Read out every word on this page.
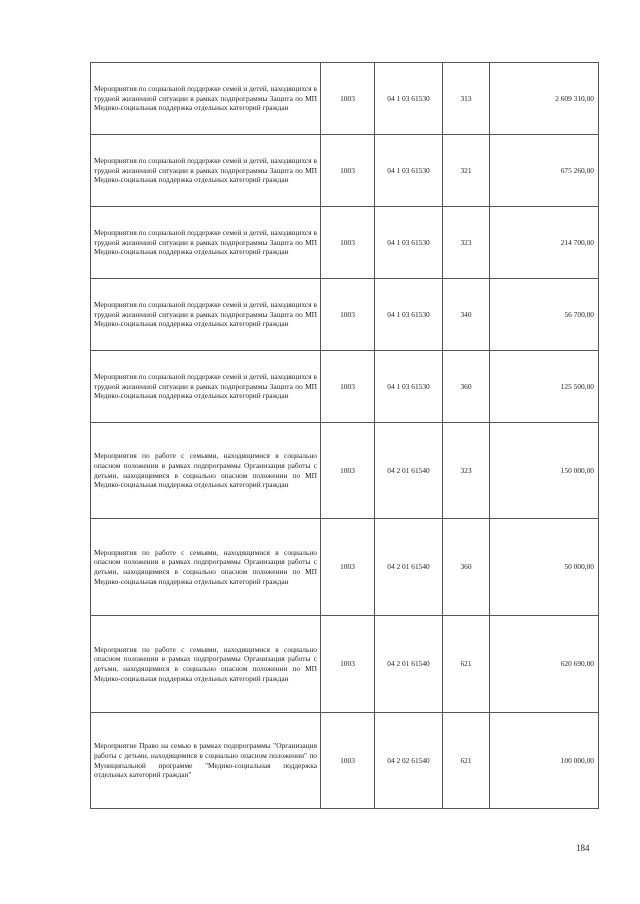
Мероприятия по социальной поддержке семей и детей, находящихся в трудной жизненной ситуации в рамках подпрограммы Защита по МП Медико-социальная поддержка отдельных категорий граждан	1003	04 1 03 61530	313	2 609 310,00
Мероприятия по социальной поддержке семей и детей, находящихся в трудной жизненной ситуации в рамках подпрограммы Защита по МП Медико-социальная поддержка отдельных категорий граждан	1003	04 1 03 61530	321	675 260,00
Мероприятия по социальной поддержке семей и детей, находящихся в трудной жизненной ситуации в рамках подпрограммы Защита по МП Медико-социальная поддержка отдельных категорий граждан	1003	04 1 03 61530	323	214 700,00
Мероприятия по социальной поддержке семей и детей, находящихся в трудной жизненной ситуации в рамках подпрограммы Защита по МП Медико-социальная поддержка отдельных категорий граждан	1003	04 1 03 61530	340	56 700,00
Мероприятия по социальной поддержке семей и детей, находящихся в трудной жизненной ситуации в рамках подпрограммы Защита по МП Медико-социальная поддержка отдельных категорий граждан	1003	04 1 03 61530	360	125 500,00
Мероприятия по работе с семьями, находящимися в социально опасном положении в рамках подпрограммы Организация работы с детьми, находящимися в социально опасном положении по МП Медико-социальная поддержка отдельных категорий граждан	1003	04 2 01 61540	323	150 000,00
Мероприятия по работе с семьями, находящимися в социально опасном положении в рамках подпрограммы Организация работы с детьми, находящимися в социально опасном положении по МП Медико-социальная поддержка отдельных категорий граждан	1003	04 2 01 61540	360	50 000,00
Мероприятия по работе с семьями, находящимися в социально опасном положении в рамках подпрограммы Организация работы с детьми, находящимися в социально опасном положении по МП Медико-социальная поддержка отдельных категорий граждан	1003	04 2 01 61540	621	620 690,00
Мероприятие Право на семью в рамках подпрограммы "Организация работы с детьми, находящимися в социально опасном положении" по Муниципальной программе "Медико-социальная поддержка отдельных категорий граждан"	1003	04 2 02 61540	621	100 000,00
184
